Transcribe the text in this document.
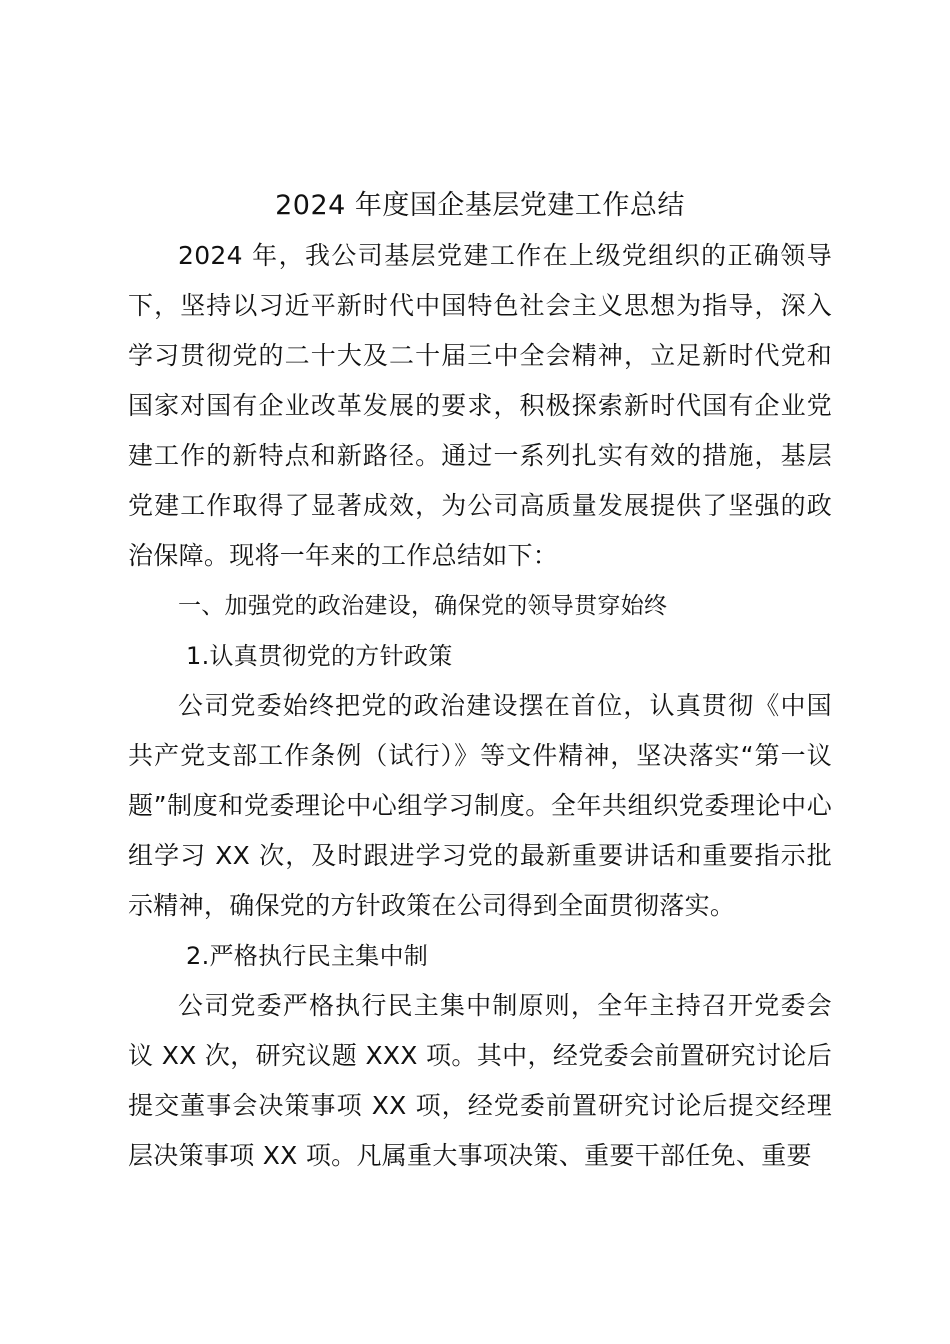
2024 年度国企基层党建工作总结

2024 年，我公司基层党建工作在上级党组织的正确领导下，坚持以习近平新时代中国特色社会主义思想为指导，深入学习贯彻党的二十大及二十届三中全会精神，立足新时代党和国家对国有企业改革发展的要求，积极探索新时代国有企业党建工作的新特点和新路径。通过一系列扎实有效的措施，基层党建工作取得了显著成效，为公司高质量发展提供了坚强的政治保障。现将一年来的工作总结如下：

一、加强党的政治建设，确保党的领导贯穿始终
1.认真贯彻党的方针政策

公司党委始终把党的政治建设摆在首位，认真贯彻《中国共产党支部工作条例（试行）》等文件精神，坚决落实“第一议题”制度和党委理论中心组学习制度。全年共组织党委理论中心组学习 XX 次，及时跟进学习党的最新重要讲话和重要指示批示精神，确保党的方针政策在公司得到全面贯彻落实。

2.严格执行民主集中制

公司党委严格执行民主集中制原则，全年主持召开党委会议 XX 次，研究议题 XXX 项。其中，经党委会前置研究讨论后提交董事会决策事项 XX 项，经党委前置研究讨论后提交经理层决策事项 XX 项。凡属重大事项决策、重要干部任免、重要
